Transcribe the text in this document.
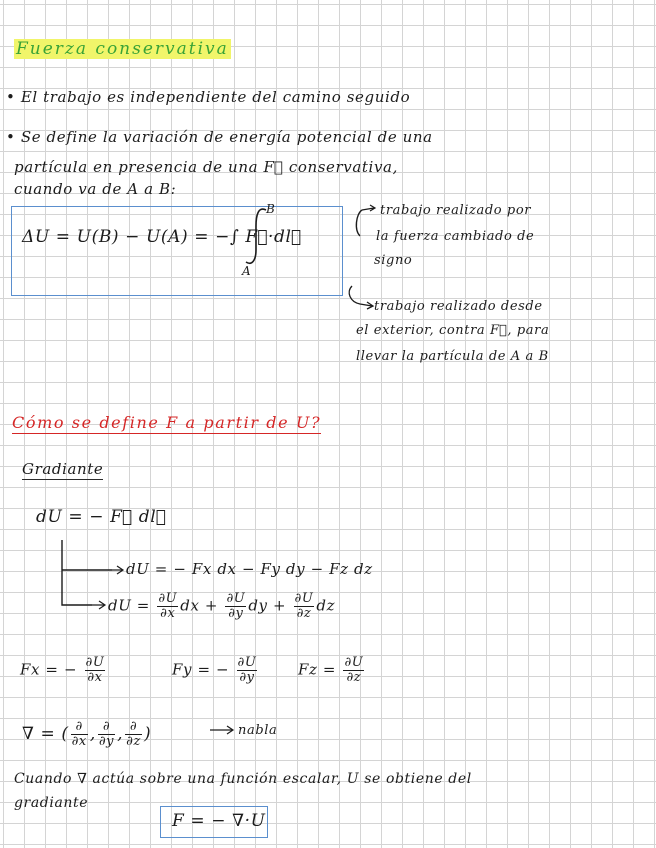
Fuerza conservativa
• El trabajo es independiente del camino seguido
• Se define la variación de energía potencial de una
partícula en presencia de una F⃗ conservativa,
cuando va de A a B:
ΔU = U(B) − U(A) = −∫ F⃗·dl⃗
B
A
trabajo realizado por
la fuerza cambiado de
signo
trabajo realizado desde
el exterior, contra F⃗, para
llevar la partícula de A a B
Cómo se define F a partir de U?
Gradiante
dU = − F⃗ dl⃗
dU = − Fx dx − Fy dy − Fz dz
dU = $\frac{\partial U}{\partial x}$ dx + $\frac{\partial U}{\partial y}$ dy + $\frac{\partial U}{\partial z}$ dz
Fx = − $\frac{\partial U}{\partial x}$	Fy = − $\frac{\partial U}{\partial y}$	$Fz = \frac{\partial U}{\partial z}$
∇ = ( $\frac{\partial}{\partial x}$ , $\frac{\partial}{\partial y}$ , $\frac{\partial}{\partial z}$ )	nabla
Cuando ∇ actúa sobre una función escalar, U se obtiene del
gradiante
F = − ∇·U
